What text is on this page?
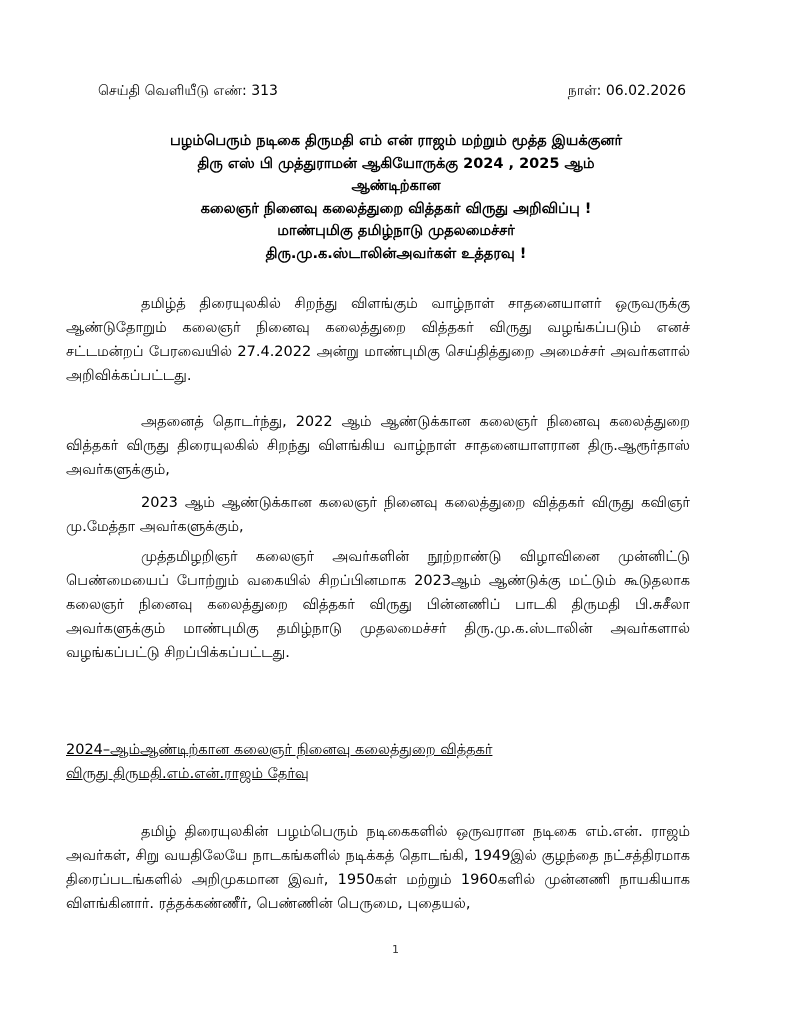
செய்தி வெளியீடு எண்: 313	நாள்: 06.02.2026
பழம்பெரும் நடிகை திருமதி எம் என் ராஜம் மற்றும் மூத்த இயக்குனர்
திரு எஸ் பி முத்துராமன் ஆகியோருக்கு 2024 , 2025 ஆம்
ஆண்டிற்கான
கலைஞர் நினைவு கலைத்துறை வித்தகர் விருது அறிவிப்பு !
மாண்புமிகு தமிழ்நாடு முதலமைச்சர்
திரு.மு.க.ஸ்டாலின்அவர்கள் உத்தரவு !

தமிழ்த் திரையுலகில் சிறந்து விளங்கும் வாழ்நாள் சாதனையாளர் ஒருவருக்கு ஆண்டுதோறும் கலைஞர் நினைவு கலைத்துறை வித்தகர் விருது வழங்கப்படும் எனச் சட்டமன்றப் பேரவையில் 27.4.2022 அன்று மாண்புமிகு செய்தித்துறை அமைச்சர் அவர்களால் அறிவிக்கப்பட்டது.

அதனைத் தொடர்ந்து, 2022 ஆம் ஆண்டுக்கான கலைஞர் நினைவு கலைத்துறை வித்தகர் விருது திரையுலகில் சிறந்து விளங்கிய வாழ்நாள் சாதனையாளரான திரு.ஆரூர்தாஸ் அவர்களுக்கும்,

2023 ஆம் ஆண்டுக்கான கலைஞர் நினைவு கலைத்துறை வித்தகர் விருது கவிஞர் மு.மேத்தா அவர்களுக்கும்,

முத்தமிழறிஞர் கலைஞர் அவர்களின் நூற்றாண்டு விழாவினை முன்னிட்டு பெண்மையைப் போற்றும் வகையில் சிறப்பினமாக 2023ஆம் ஆண்டுக்கு மட்டும் கூடுதலாக கலைஞர் நினைவு கலைத்துறை வித்தகர் விருது பின்னணிப் பாடகி திருமதி பி.சுசீலா அவர்களுக்கும் மாண்புமிகு தமிழ்நாடு முதலமைச்சர் திரு.மு.க.ஸ்டாலின் அவர்களால் வழங்கப்பட்டு சிறப்பிக்கப்பட்டது.

2024–ஆம்ஆண்டிற்கான கலைஞர் நினைவு கலைத்துறை வித்தகர்
விருது திருமதி.எம்.என்.ராஜம் தேர்வு

தமிழ் திரையுலகின் பழம்பெரும் நடிகைகளில் ஒருவரான நடிகை எம்.என். ராஜம் அவர்கள், சிறு வயதிலேயே நாடகங்களில் நடிக்கத் தொடங்கி, 1949இல் குழந்தை நட்சத்திரமாக திரைப்படங்களில் அறிமுகமான இவர், 1950கள் மற்றும் 1960களில் முன்னணி நாயகியாக விளங்கினார். ரத்தக்கண்ணீர், பெண்ணின் பெருமை, புதையல்,

1
